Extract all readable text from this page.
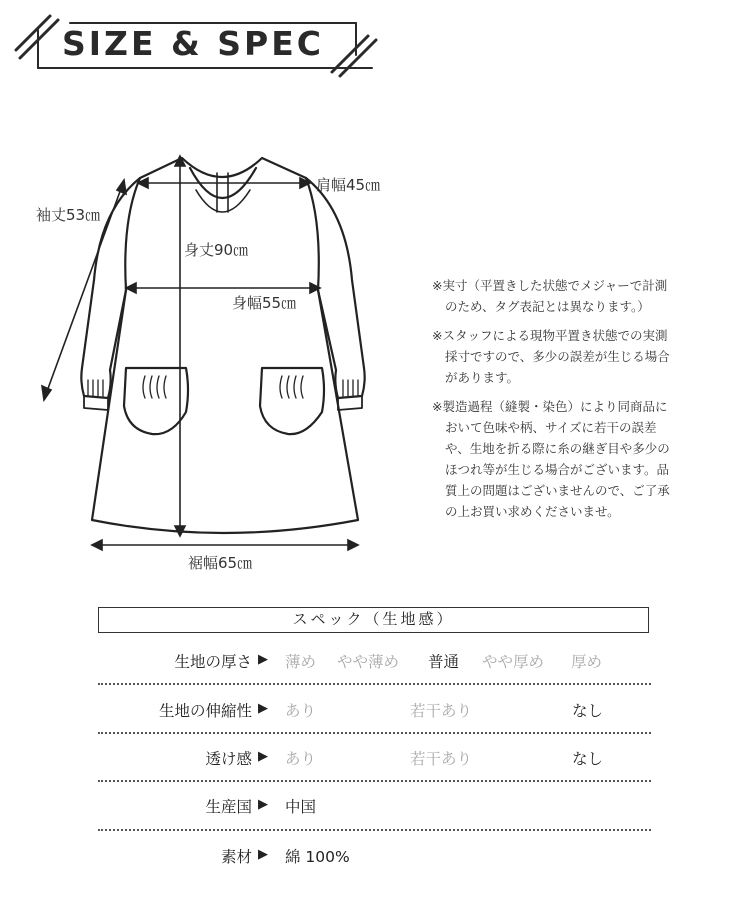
SIZE & SPEC
袖丈53㎝
肩幅45㎝
身丈90㎝
身幅55㎝
裾幅65㎝
※実寸（平置きした状態でメジャーで計測
のため、タグ表記とは異なります。）
※スタッフによる現物平置き状態での実測
採寸ですので、多少の誤差が生じる場合
があります。
※製造過程（縫製・染色）により同商品に
おいて色味や柄、サイズに若干の誤差
や、生地を折る際に糸の継ぎ目や多少の
ほつれ等が生じる場合がございます。品
質上の問題はございませんので、ご了承
の上お買い求めくださいませ。
スペック（生地感）
生地の厚さ ▶ 薄め やや薄め 普通 やや厚め 厚め
生地の伸縮性 ▶ あり	若干あり	なし
透け感 ▶ あり	若干あり	なし
生産国 ▶ 中国
素材 ▶ 綿 100%
